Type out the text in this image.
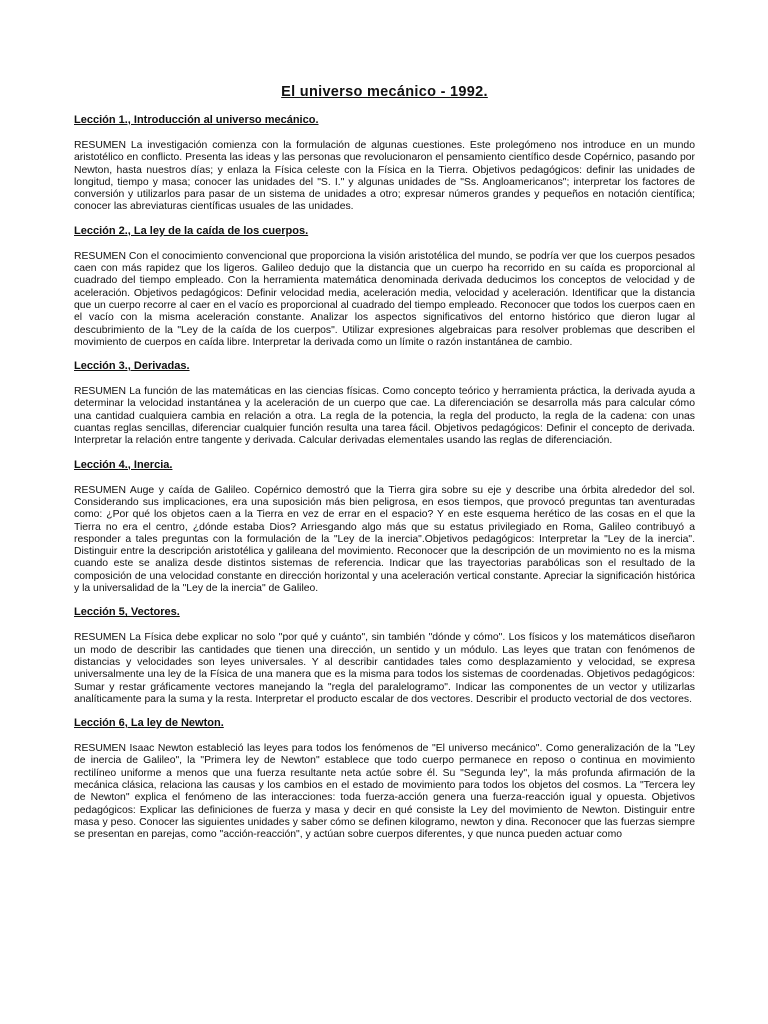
El universo mecánico - 1992.
Lección 1., Introducción al universo mecánico.
RESUMEN La investigación comienza con la formulación de algunas cuestiones. Este prolegómeno nos introduce en un mundo aristotélico en conflicto. Presenta las ideas y las personas que revolucionaron el pensamiento científico desde Copérnico, pasando por Newton, hasta nuestros días; y enlaza la Física celeste con la Física en la Tierra. Objetivos pedagógicos: definir las unidades de longitud, tiempo y masa; conocer las unidades del "S. I." y algunas unidades de "Ss. Angloamericanos"; interpretar los factores de conversión y utilizarlos para pasar de un sistema de unidades a otro; expresar números grandes y pequeños en notación científica; conocer las abreviaturas científicas usuales de las unidades.
Lección 2., La ley de la caída de los cuerpos.
RESUMEN Con el conocimiento convencional que proporciona la visión aristotélica del mundo, se podría ver que los cuerpos pesados caen con más rapidez que los ligeros. Galileo dedujo que la distancia que un cuerpo ha recorrido en su caída es proporcional al cuadrado del tiempo empleado. Con la herramienta matemática denominada derivada deducimos los conceptos de velocidad y de aceleración. Objetivos pedagógicos: Definir velocidad media, aceleración media, velocidad y aceleración. Identificar que la distancia que un cuerpo recorre al caer en el vacío es proporcional al cuadrado del tiempo empleado. Reconocer que todos los cuerpos caen en el vacío con la misma aceleración constante. Analizar los aspectos significativos del entorno histórico que dieron lugar al descubrimiento de la "Ley de la caída de los cuerpos". Utilizar expresiones algebraicas para resolver problemas que describen el movimiento de cuerpos en caída libre. Interpretar la derivada como un límite o razón instantánea de cambio.
Lección 3., Derivadas.
RESUMEN La función de las matemáticas en las ciencias físicas. Como concepto teórico y herramienta práctica, la derivada ayuda a determinar la velocidad instantánea y la aceleración de un cuerpo que cae. La diferenciación se desarrolla más para calcular cómo una cantidad cualquiera cambia en relación a otra. La regla de la potencia, la regla del producto, la regla de la cadena: con unas cuantas reglas sencillas, diferenciar cualquier función resulta una tarea fácil. Objetivos pedagógicos: Definir el concepto de derivada. Interpretar la relación entre tangente y derivada. Calcular derivadas elementales usando las reglas de diferenciación.
Lección 4., Inercia.
RESUMEN Auge y caída de Galileo. Copérnico demostró que la Tierra gira sobre su eje y describe una órbita alrededor del sol. Considerando sus implicaciones, era una suposición más bien peligrosa, en esos tiempos, que provocó preguntas tan aventuradas como: ¿Por qué los objetos caen a la Tierra en vez de errar en el espacio? Y en este esquema herético de las cosas en el que la Tierra no era el centro, ¿dónde estaba Dios? Arriesgando algo más que su estatus privilegiado en Roma, Galileo contribuyó a responder a tales preguntas con la formulación de la "Ley de la inercia".Objetivos pedagógicos: Interpretar la "Ley de la inercia". Distinguir entre la descripción aristotélica y galileana del movimiento. Reconocer que la descripción de un movimiento no es la misma cuando este se analiza desde distintos sistemas de referencia. Indicar que las trayectorias parabólicas son el resultado de la composición de una velocidad constante en dirección horizontal y una aceleración vertical constante. Apreciar la significación histórica y la universalidad de la "Ley de la inercia" de Galileo.
Lección 5, Vectores.
RESUMEN La Física debe explicar no solo "por qué y cuánto", sin también "dónde y cómo". Los físicos y los matemáticos diseñaron un modo de describir las cantidades que tienen una dirección, un sentido y un módulo. Las leyes que tratan con fenómenos de distancias y velocidades son leyes universales. Y al describir cantidades tales como desplazamiento y velocidad, se expresa universalmente una ley de la Física de una manera que es la misma para todos los sistemas de coordenadas. Objetivos pedagógicos: Sumar y restar gráficamente vectores manejando la "regla del paralelogramo". Indicar las componentes de un vector y utilizarlas analíticamente para la suma y la resta. Interpretar el producto escalar de dos vectores. Describir el producto vectorial de dos vectores.
Lección 6, La ley de Newton.
RESUMEN Isaac Newton estableció las leyes para todos los fenómenos de "El universo mecánico". Como generalización de la "Ley de inercia de Galileo", la "Primera ley de Newton" establece que todo cuerpo permanece en reposo o continua en movimiento rectilíneo uniforme a menos que una fuerza resultante neta actúe sobre él. Su "Segunda ley", la más profunda afirmación de la mecánica clásica, relaciona las causas y los cambios en el estado de movimiento para todos los objetos del cosmos. La "Tercera ley de Newton" explica el fenómeno de las interacciones: toda fuerza-acción genera una fuerza-reacción igual y opuesta. Objetivos pedagógicos: Explicar las definiciones de fuerza y masa y decir en qué consiste la Ley del movimiento de Newton. Distinguir entre masa y peso. Conocer las siguientes unidades y saber cómo se definen kilogramo, newton y dina. Reconocer que las fuerzas siempre se presentan en parejas, como "acción-reacción", y actúan sobre cuerpos diferentes, y que nunca pueden actuar como
